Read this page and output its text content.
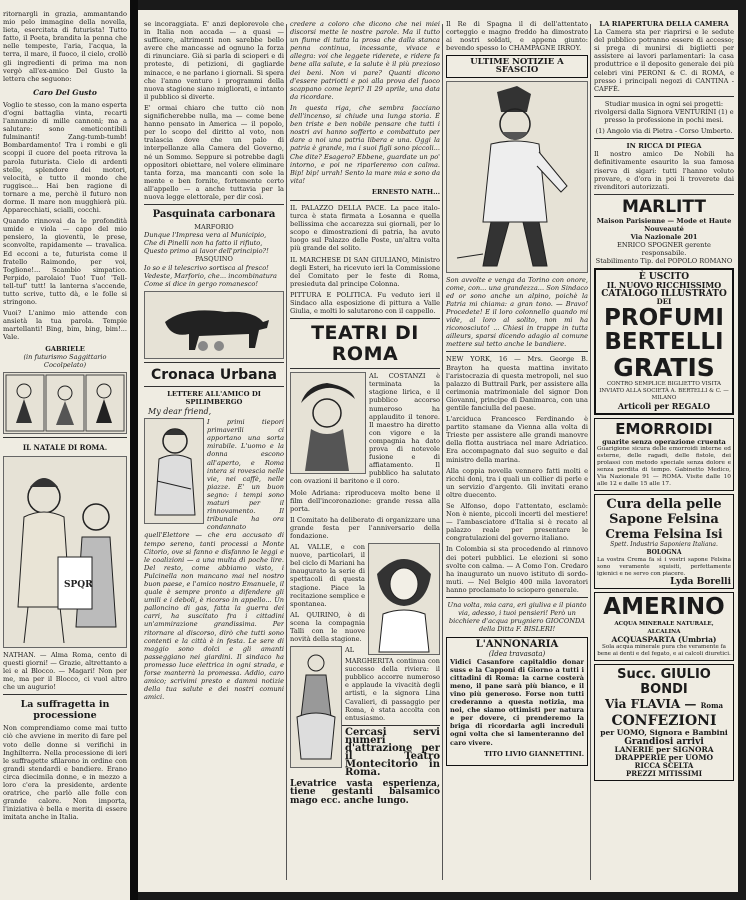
ritornargli in grazia, ammantando mio pelo immagine della novella, lieta, esercitata di futurista! Tutto fatto, il Poeta, brandita la penna che nelle tempeste, l'aria, l'acqua, la terra, il mare, il fuoco, il cielo, crollò gli ingredienti di prima ma non vergò all'ex-amico Del Gusto la lettera che seguono:

Caro Del Gusto

Voglio te stesso, con la mano esperta d'ogni battaglia vinta, recarti l'annunzio di mille cannoni; ma a salutare: sono emeticontibili fulminanti! Zang-tumb-tumb! Bombardamento! Tra i rombi e gli scoppi il cuore del poeta ritrova la parola futurista. Cielo di ardenti stelle, splendore dei motori, velocità, e tutto il mondo che ruggisce... Hai ben ragione di tornare a me, perchè il futuro non dorme. Il mare non mugghierà più. Apparecchiati, scialli, cocchi.

Quando rinnovai da le profondità umide e viola — capo del mio pensiero, la gioventù, le prese, sconvolte, rapidamente — travalica. Ed ecconi a te, futurista come il fratello Raimondo, per voi, Toglione!... Scambio simpatico. Perpido, parolaio! Tuo! Tuo! 'Tell-tell-tuf' tutt! la lanterna s'accende, tutto scrive, tutto dà, e le folle si stringono.

Vuoi? L'animo mio attende con ansietà la tua parola. Tempie martellanti! Bing, bim, bing, bim!... Vale.

GABRIELE
(in futurismo Saggittario Cocolpelato)
IL NATALE DI ROMA.
SPQR

NATHAN. — Alma Roma, cento di questi giorni! — Grazie, altrettanto a lei e al Blocco. — Magari! Non per me, ma per il Blocco, ci vuol altro che un augurio!

La suffragetta in processione

Non comprendiamo come mai tutto ciò che avviene in merito di fare pel voto delle donne si verifichi in Inghilterra. Nella processione di ieri le suffragette sfilarono in ordine con grandi stendardi e bandiere. Erano circa diecimila donne, e in mezzo a loro c'era la presidente, ardente oratrice, che parlò alle folle con grande calore. Non importa, l'iniziativa è bella e merita di essere imitata anche in Italia.

se incoraggiata. E' anzi deplorevole che in Italia non accada — a quasi — sufficere, altrimenti non sarebbe bello avere che mancasse ad ognuno la forza di rinunciare. Già si parla di scioperi e di proteste, di petizioni, di gagliarde minacce, e ne parlano i giornali. Si spera che l'anno venturo i programmi della nuova stagione siano migliorati, e intanto il pubblico si diverte.

E' ormai chiaro che tutto ciò non significherebbe nulla, ma — come bene hanno pensato in America — il popolo, per lo scopo del diritto al voto, non tralascia dove che un palo di interpellanze alla Camera del Governo, né un Sommo. Seppure si potrebbe dagli oppositori obiettare, nel volere eliminare tanta forza, ma mancanti con sole la mente e ben fornite, fortemente certo all'appello — a anche tuttavia per la nuova legge elettorale, per dir così.

Pasquinata carbonara
MARFORIO
Dunque l'Impresa vera al Municipio,
Che di Pinelli non ha fatto il rifiuto,
Questo primo ai lavor dell'principio?!
PASQUINO
Io so e il telescrivo sortisca al fresco!
Vedeste, Marforio, che... incombinatura
Come si dice in gergo romanesco!
Cronaca Urbana
LETTERE ALL'AMICO DI SPILIMBERGO
My dear friend,

I primi tiepori primaverili ci apportano una sorta mirabile. L'uomo e la donna escono all'aperto, e Roma intera si rovescia nelle vie, nei caffè, nelle piazze. E' un buon segno: i tempi sono maturi per il rinnovamento. Il tribunale ha ora condannato quell'Elettore — che era accusato di tempo sereno, tanti processi a Monte Citorio, ove si fanno e disfanno le leggi e le coalizioni — a una multa di poche lire. Del resto, come abbiamo visto, i Pulcinella non mancano mai nel nostro buon paese, e l'amico nostro Emanuele, il quale è sempre pronto a difendere gli umili e i deboli, è ricorso in appello... Un palloncino di gas, fatta la guerra dei carri, ha suscitato fra i cittadini un'ammirazione grandissima. Per ritornare al discorso, dirò che tutti sono contenti e la città è in festa. Le sere di maggio sono dolci e gli amanti passeggiano nei giardini. Il sindaco ha promesso luce elettrica in ogni strada, e forse manterrà la promessa. Addio, caro amico; scrivimi presto e dammi notizie della tua salute e dei nostri comuni amici.

credere a coloro che dicono che nei miei discorsi mette le nostre parole. Ma il tutto un fiume di tutta la prosa che dalla stanca penna continua, incessante, vivace e allegra: voi che leggete riderete, e ridere fa bene alla salute, e la salute è il più prezioso dei beni. Non vi pare? Quanti dicono d'essere patriotti e poi alla prova del fuoco scappano come lepri? Il 29 aprile, una data da ricordare.

In questa riga, che sembra facciano dell'incenso, si chiude una lunga storia. È ben triste e ben nobile pensare che tutti i nostri avi hanno sofferto e combattuto per dare a noi una patria libera e una. Oggi la patria è grande, ma i suoi figli sono piccoli... Che dite? Esagero? Ebbene, guardate un po' intorno, e poi ne riparleremo con calma. Bip! bip! urrah! Sento la mare mia e sono da vita!

ERNESTO NATH...

IL PALAZZO DELLA PACE. La pace italo-turca è stata firmata a Losanna e quella bellissima che accarezza sui giornali, per lo scopo e dimostrazioni di patria, ha avuto luogo sul Palazzo delle Poste, un'altra volta più grande del solito.

IL MARCHESE DI SAN GIULIANO, Ministro degli Esteri, ha ricevuto ieri la Commissione del Comitato per le feste di Roma, presieduta dal principe Colonna.

PITTURA E POLITICA. Fu veduto ieri il Sindaco alla esposizione di pittura a Valle Giulia, e molti lo salutarono con il cappello.

TEATRI DI ROMA

AL COSTANZI è terminata la stagione lirica, e il pubblico accorso numeroso ha applaudito il tenore. Il maestro ha diretto con vigore e la compagnia ha dato prova di notevole fusione e di affiatamento. Il pubblico ha salutato con ovazioni il baritono e il coro.

Mole Adriana: riproduceva molto bene il film dell'incoronazione: grande ressa alla porta.

Il Comitato ha deliberato di organizzare una grande festa per l'anniversario della fondazione.

AL VALLE, e con nuove, particolari, il bel ciclo di Mariani ha inaugurato la serie di spettacoli di questa stagione. Piace la recitazione semplice e spontanea.

AL QUIRINO, è di scena la compagnia Talli con le nuove novità della stagione.

AL MARGHERITA continua con successo della riviera: il pubblico accorre numeroso e applaude la vivacità degli artisti, e la signora Lina Cavalieri, di passaggio per Roma, è stata accolta con entusiasmo.

Cercasi servi numeri d'attrazione per il Teatro Montecitorio in Roma.

Levatrice vasta esperienza, tiene gestanti balsamico mago ecc. anche lungo.

Il Re di Spagna il di dell'attentato corteggio e magno freddo ha dimostrato ai nostri soldati, e appena giunto: bevendo spesso lo CHAMPAGNE IRROY.

ULTIME NOTIZIE A SFASCIO

Son avvolte e venga da Torino con onore, come, con... una grandezza... Son Sindaco ed or sono anche un alpino, poichè la Patria mi chiama: a gran tono. — Bravo! Procedete! E il loro colonnello quando mi vide, al loro al solito, non mi ha riconosciuto! ... Chiesi in trappe in tutta ailleurs, sparsi dicendo adagio al comune mettere sul tetto anche le bandiere.

NEW YORK, 16 — Mrs. George B. Brayton ha questa mattina invitato l'aristocrazia di questa metropoli, nel suo palazzo di Buttrail Park, per assistere alla cerimonia matrimoniale del signor Don Giovanni, principe di Danimarca, con una gentile fanciulla del paese.

L'arciduca Francesco Ferdinando è partito stamane da Vienna alla volta di Trieste per assistere alle grandi manovre della flotta austriaca nel mare Adriatico. Era accompagnato dal suo seguito e dal ministro della marina.

Alla coppia novella vennero fatti molti e ricchi doni, tra i quali un collier di perle e un servizio d'argento. Gli invitati erano oltre duecento.

Se Alfonso, dopo l'attentato, esclamò: Non è niente, piccoli incerti del mestiere! — l'ambasciatore d'Italia si è recato al palazzo reale per presentare le congratulazioni del governo italiano.

In Colombia si sta procedendo al rinnovo dei poteri pubblici. Le elezioni si sono svolte con calma. — A Como l'on. Credaro ha inaugurato un nuovo istituto di sordo-muti. — Nel Belgio 400 mila lavoratori hanno proclamato lo sciopero generale.

Una volta, mia cara, eri giuliva e il pianto via, adesso, i tuoi pensieri! Però un bicchiere d'acqua prugniero GIOCONDA della Ditta F. BISLERI!

L'ANNONARIA
(Idea travasata)

Vidici Casanfore capitaldio donar suss e la Capponi di Giorno a tutti i cittadini di Roma: la carne costerà meno, il pane sarà più bianco, e il vino più generoso. Forse non tutti crederanno a questa notizia, ma noi, che siamo ottimisti per natura e per dovere, ci prenderemo la briga di ricordarla agli increduli ogni volta che si lamenteranno del caro vivere.

TITO LIVIO GIANNETTINI.
LA RIAPERTURA DELLA CAMERA

La Camera sta per riaprirsi e le sedute del pubblico potranno essere di accesso; si prega di munirsi di biglietti per assistere ai lavori parlamentari: la casa produttrice e il deposito generale dei più celebri vini PERONI & C. di ROMA, e presso i principali negozi di CANTINA - CAFFÈ.

Studiar musica in ogni sei progetti: rivolgersi dalla Signora VENTURINI (1) e presso la professione in pochi mesi.

(1) Angolo via di Pietra - Corso Umberto.

IN RICCA DI PIEGA

Il nostro amico De Nobili ha definitivamente esaurito la sua famosa riserva di sigari: tutti l'hanno voluto provare, e d'ora in poi li troverete dai rivenditori autorizzati.

MARLITT
Maison Parisienne — Mode et Haute Nouveauté
Via Nazionale 201
ENRICO SPOGNER gerente responsabile.
Stabilimento Tip. del POPOLO ROMANO
È USCITO
IL NUOVO RICCHISSIMO
CATALOGO ILLUSTRATO
DEI
PROFUMI
BERTELLI
GRATIS
CONTRO SEMPLICE BIGLIETTO VISITA INVIATO ALLA SOCIETÀ A. BERTELLI & C. — MILANO
Articoli per REGALO
EMORROIDI
guarite senza operazione cruenta
Guarigione sicura delle emorroidi interne ed esterne, delle ragadi, delle fistole, dei prolassi con metodo speciale senza dolore e senza perdita di tempo. Gabinetto Medico, Via Nazionale 91 — ROMA. Visite dalle 10 alle 12 e dalle 15 alle 17.
Cura della pelle
Sapone Felsina
Crema Felsina Isi
Spett. Industria Saponiera Italiana.
BOLOGNA
La vostra Crema fa sì i vostri sapone Felsina sono veramente squisiti, perfettamente igienici e ne servo con piacere.
Lyda Borelli
AMERINO
ACQUA MINERALE NATURALE, ALCALINA
ACQUASPARTA (Umbria)
Sola acqua minerale pura che veramente fa bene ai denti e del fegato, e ai calcoli diuretici.
Succ. GIULIO BONDI
Via FLAVIA — Roma
CONFEZIONI
per UOMO, Signora e Bambini
Grandiosi arrivi
LANERIE per SIGNORA
DRAPPERIE per UOMO
RICCA SCELTA
PREZZI MITISSIMI
